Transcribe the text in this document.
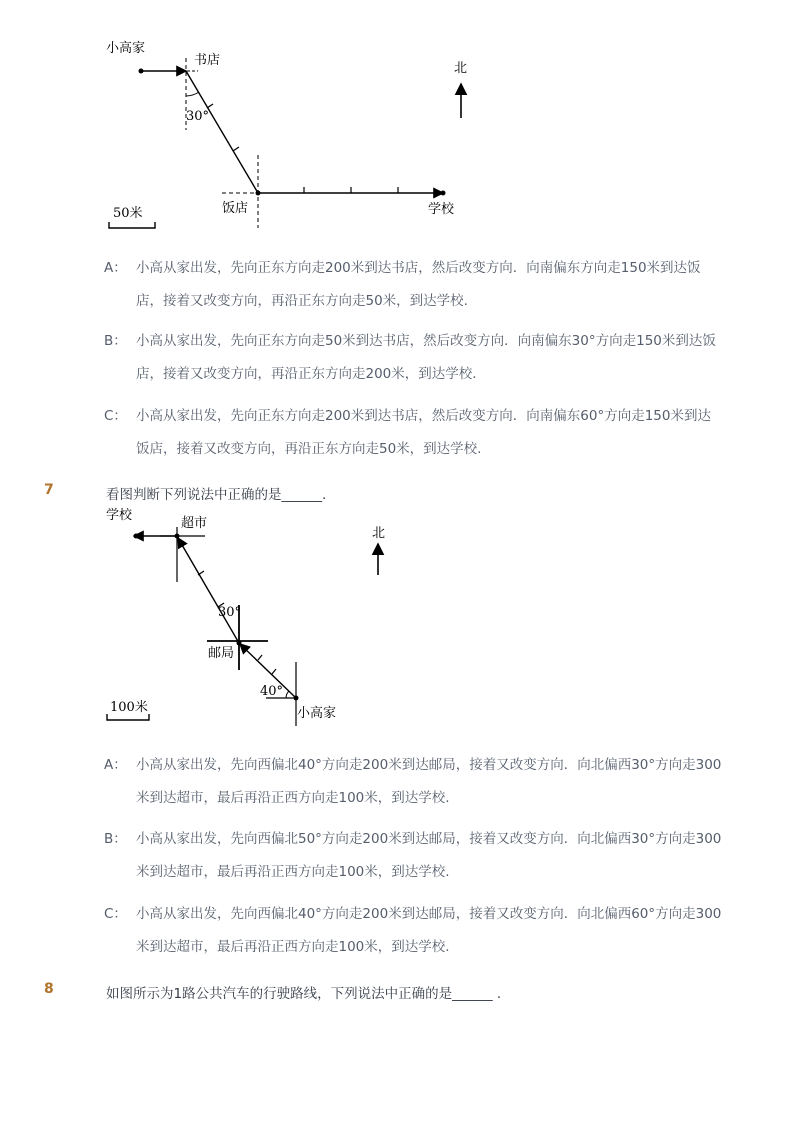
小高家
书店
30°
饭店	学校
北
50米
A： 小高从家出发，先向正东方向走200米到达书店，然后改变方向．向南偏东方向走150米到达饭店，接着又改变方向，再沿正东方向走50米，到达学校.
B： 小高从家出发，先向正东方向走50米到达书店，然后改变方向．向南偏东30°方向走150米到达饭店，接着又改变方向，再沿正东方向走200米，到达学校.
C： 小高从家出发，先向正东方向走200米到达书店，然后改变方向．向南偏东60°方向走150米到达饭店，接着又改变方向，再沿正东方向走50米，到达学校.
7	看图判断下列说法中正确的是______.
学校
超市
北
30°
邮局
40°
小高家
100米
A： 小高从家出发，先向西偏北40°方向走200米到达邮局，接着又改变方向．向北偏西30°方向走300米到达超市，最后再沿正西方向走100米，到达学校.
B： 小高从家出发，先向西偏北50°方向走200米到达邮局，接着又改变方向．向北偏西30°方向走300米到达超市，最后再沿正西方向走100米，到达学校.
C： 小高从家出发，先向西偏北40°方向走200米到达邮局，接着又改变方向．向北偏西60°方向走300米到达超市，最后再沿正西方向走100米，到达学校.
8	如图所示为1路公共汽车的行驶路线，下列说法中正确的是______ .
